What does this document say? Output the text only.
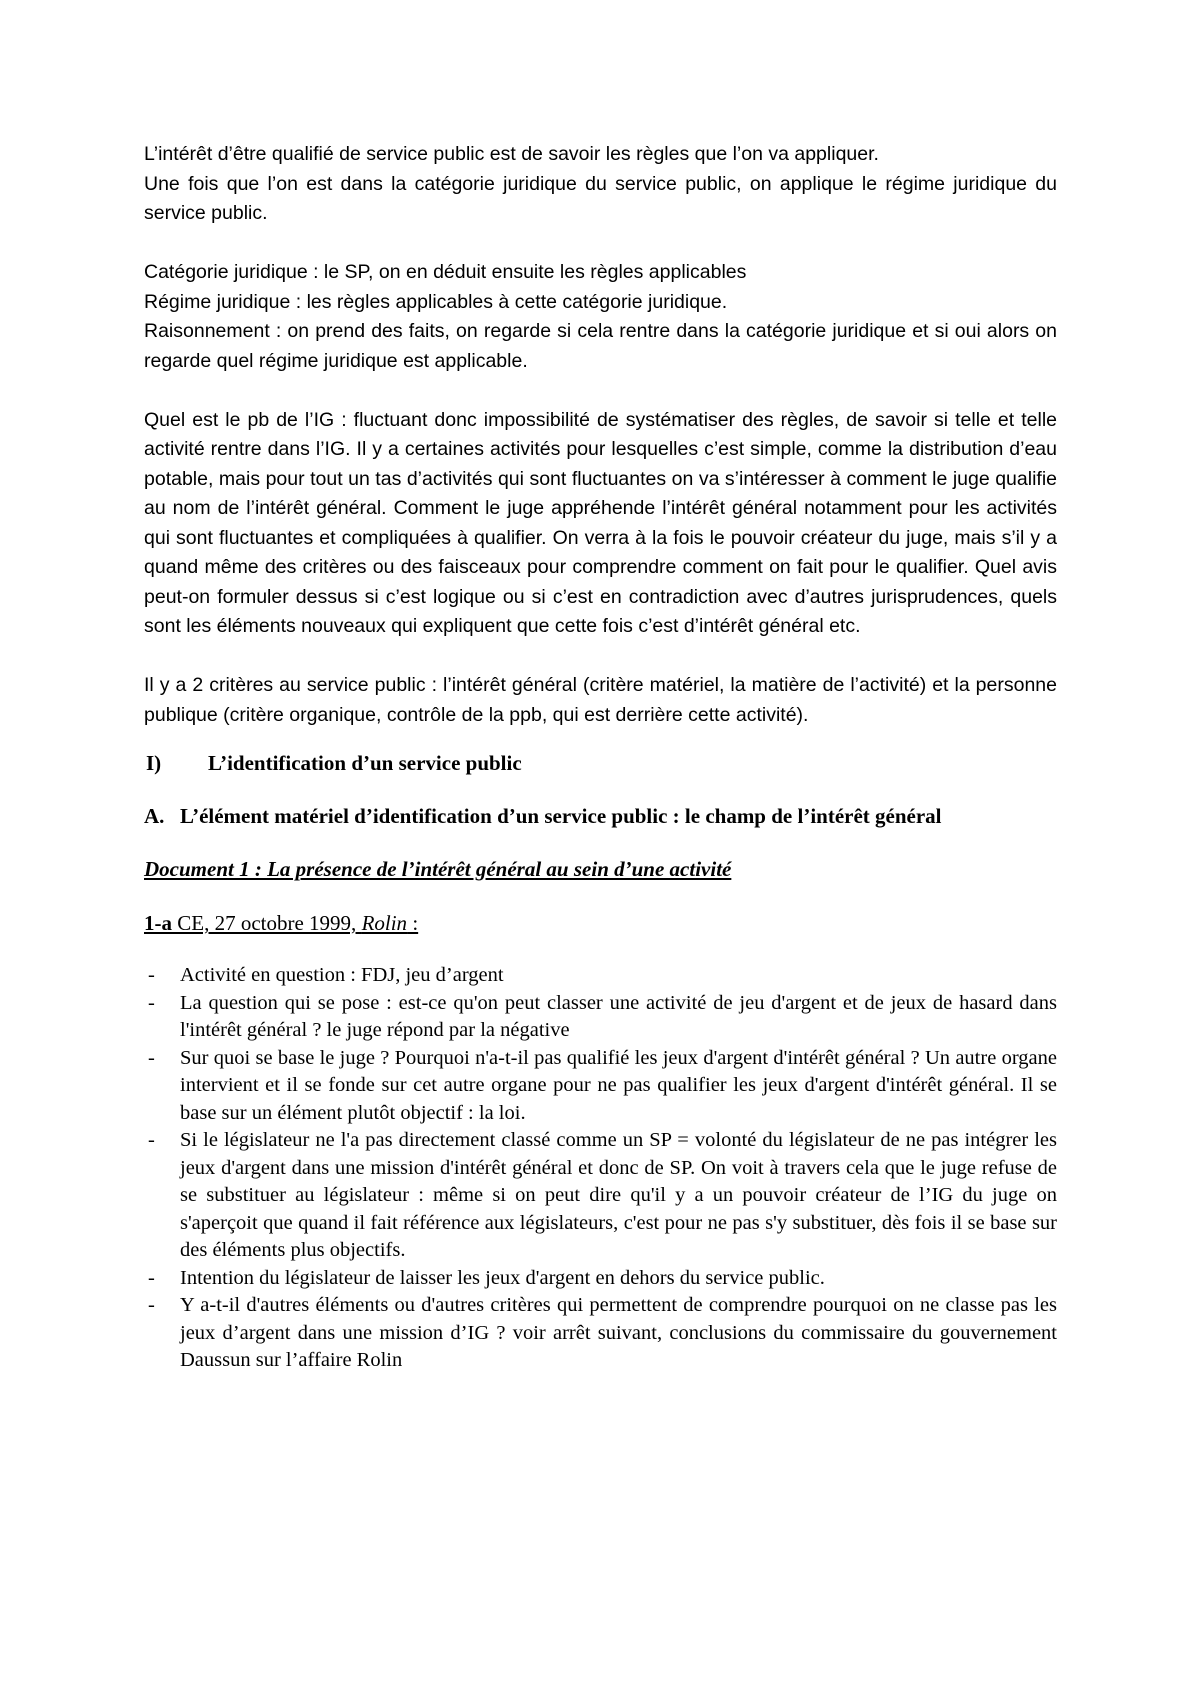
L’intérêt d’être qualifié de service public est de savoir les règles que l’on va appliquer.

Une fois que l’on est dans la catégorie juridique du service public, on applique le régime juridique du service public.

Catégorie juridique : le SP, on en déduit ensuite les règles applicables

Régime juridique : les règles applicables à cette catégorie juridique.

Raisonnement : on prend des faits, on regarde si cela rentre dans la catégorie juridique et si oui alors on regarde quel régime juridique est applicable.

Quel est le pb de l’IG : fluctuant donc impossibilité de systématiser des règles, de savoir si telle et telle activité rentre dans l’IG. Il y a certaines activités pour lesquelles c’est simple, comme la distribution d’eau potable, mais pour tout un tas d’activités qui sont fluctuantes on va s’intéresser à comment le juge qualifie au nom de l’intérêt général. Comment le juge appréhende l’intérêt général notamment pour les activités qui sont fluctuantes et compliquées à qualifier. On verra à la fois le pouvoir créateur du juge, mais s’il y a quand même des critères ou des faisceaux pour comprendre comment on fait pour le qualifier. Quel avis peut-on formuler dessus si c’est logique ou si c’est en contradiction avec d’autres jurisprudences, quels sont les éléments nouveaux qui expliquent que cette fois c’est d’intérêt général etc.

Il y a 2 critères au service public : l’intérêt général (critère matériel, la matière de l’activité) et la personne publique (critère organique, contrôle de la ppb, qui est derrière cette activité).

I)	L’identification d’un service public
A. L’élément matériel d’identification d’un service public : le champ de l’intérêt général
Document 1 : La présence de l’intérêt général au sein d’une activité
1-a CE, 27 octobre 1999, Rolin :
-	Activité en question : FDJ, jeu d’argent
-	La question qui se pose : est-ce qu'on peut classer une activité de jeu d'argent et de jeux de hasard dans l'intérêt général ? le juge répond par la négative
-	Sur quoi se base le juge ? Pourquoi n'a-t-il pas qualifié les jeux d'argent d'intérêt général ? Un autre organe intervient et il se fonde sur cet autre organe pour ne pas qualifier les jeux d'argent d'intérêt général. Il se base sur un élément plutôt objectif : la loi.
-	Si le législateur ne l'a pas directement classé comme un SP = volonté du législateur de ne pas intégrer les jeux d'argent dans une mission d'intérêt général et donc de SP. On voit à travers cela que le juge refuse de se substituer au législateur : même si on peut dire qu'il y a un pouvoir créateur de l’IG du juge on s'aperçoit que quand il fait référence aux législateurs, c'est pour ne pas s'y substituer, dès fois il se base sur des éléments plus objectifs.
-	Intention du législateur de laisser les jeux d'argent en dehors du service public.
-	Y a-t-il d'autres éléments ou d'autres critères qui permettent de comprendre pourquoi on ne classe pas les jeux d’argent dans une mission d’IG ? voir arrêt suivant, conclusions du commissaire du gouvernement Daussun sur l’affaire Rolin
